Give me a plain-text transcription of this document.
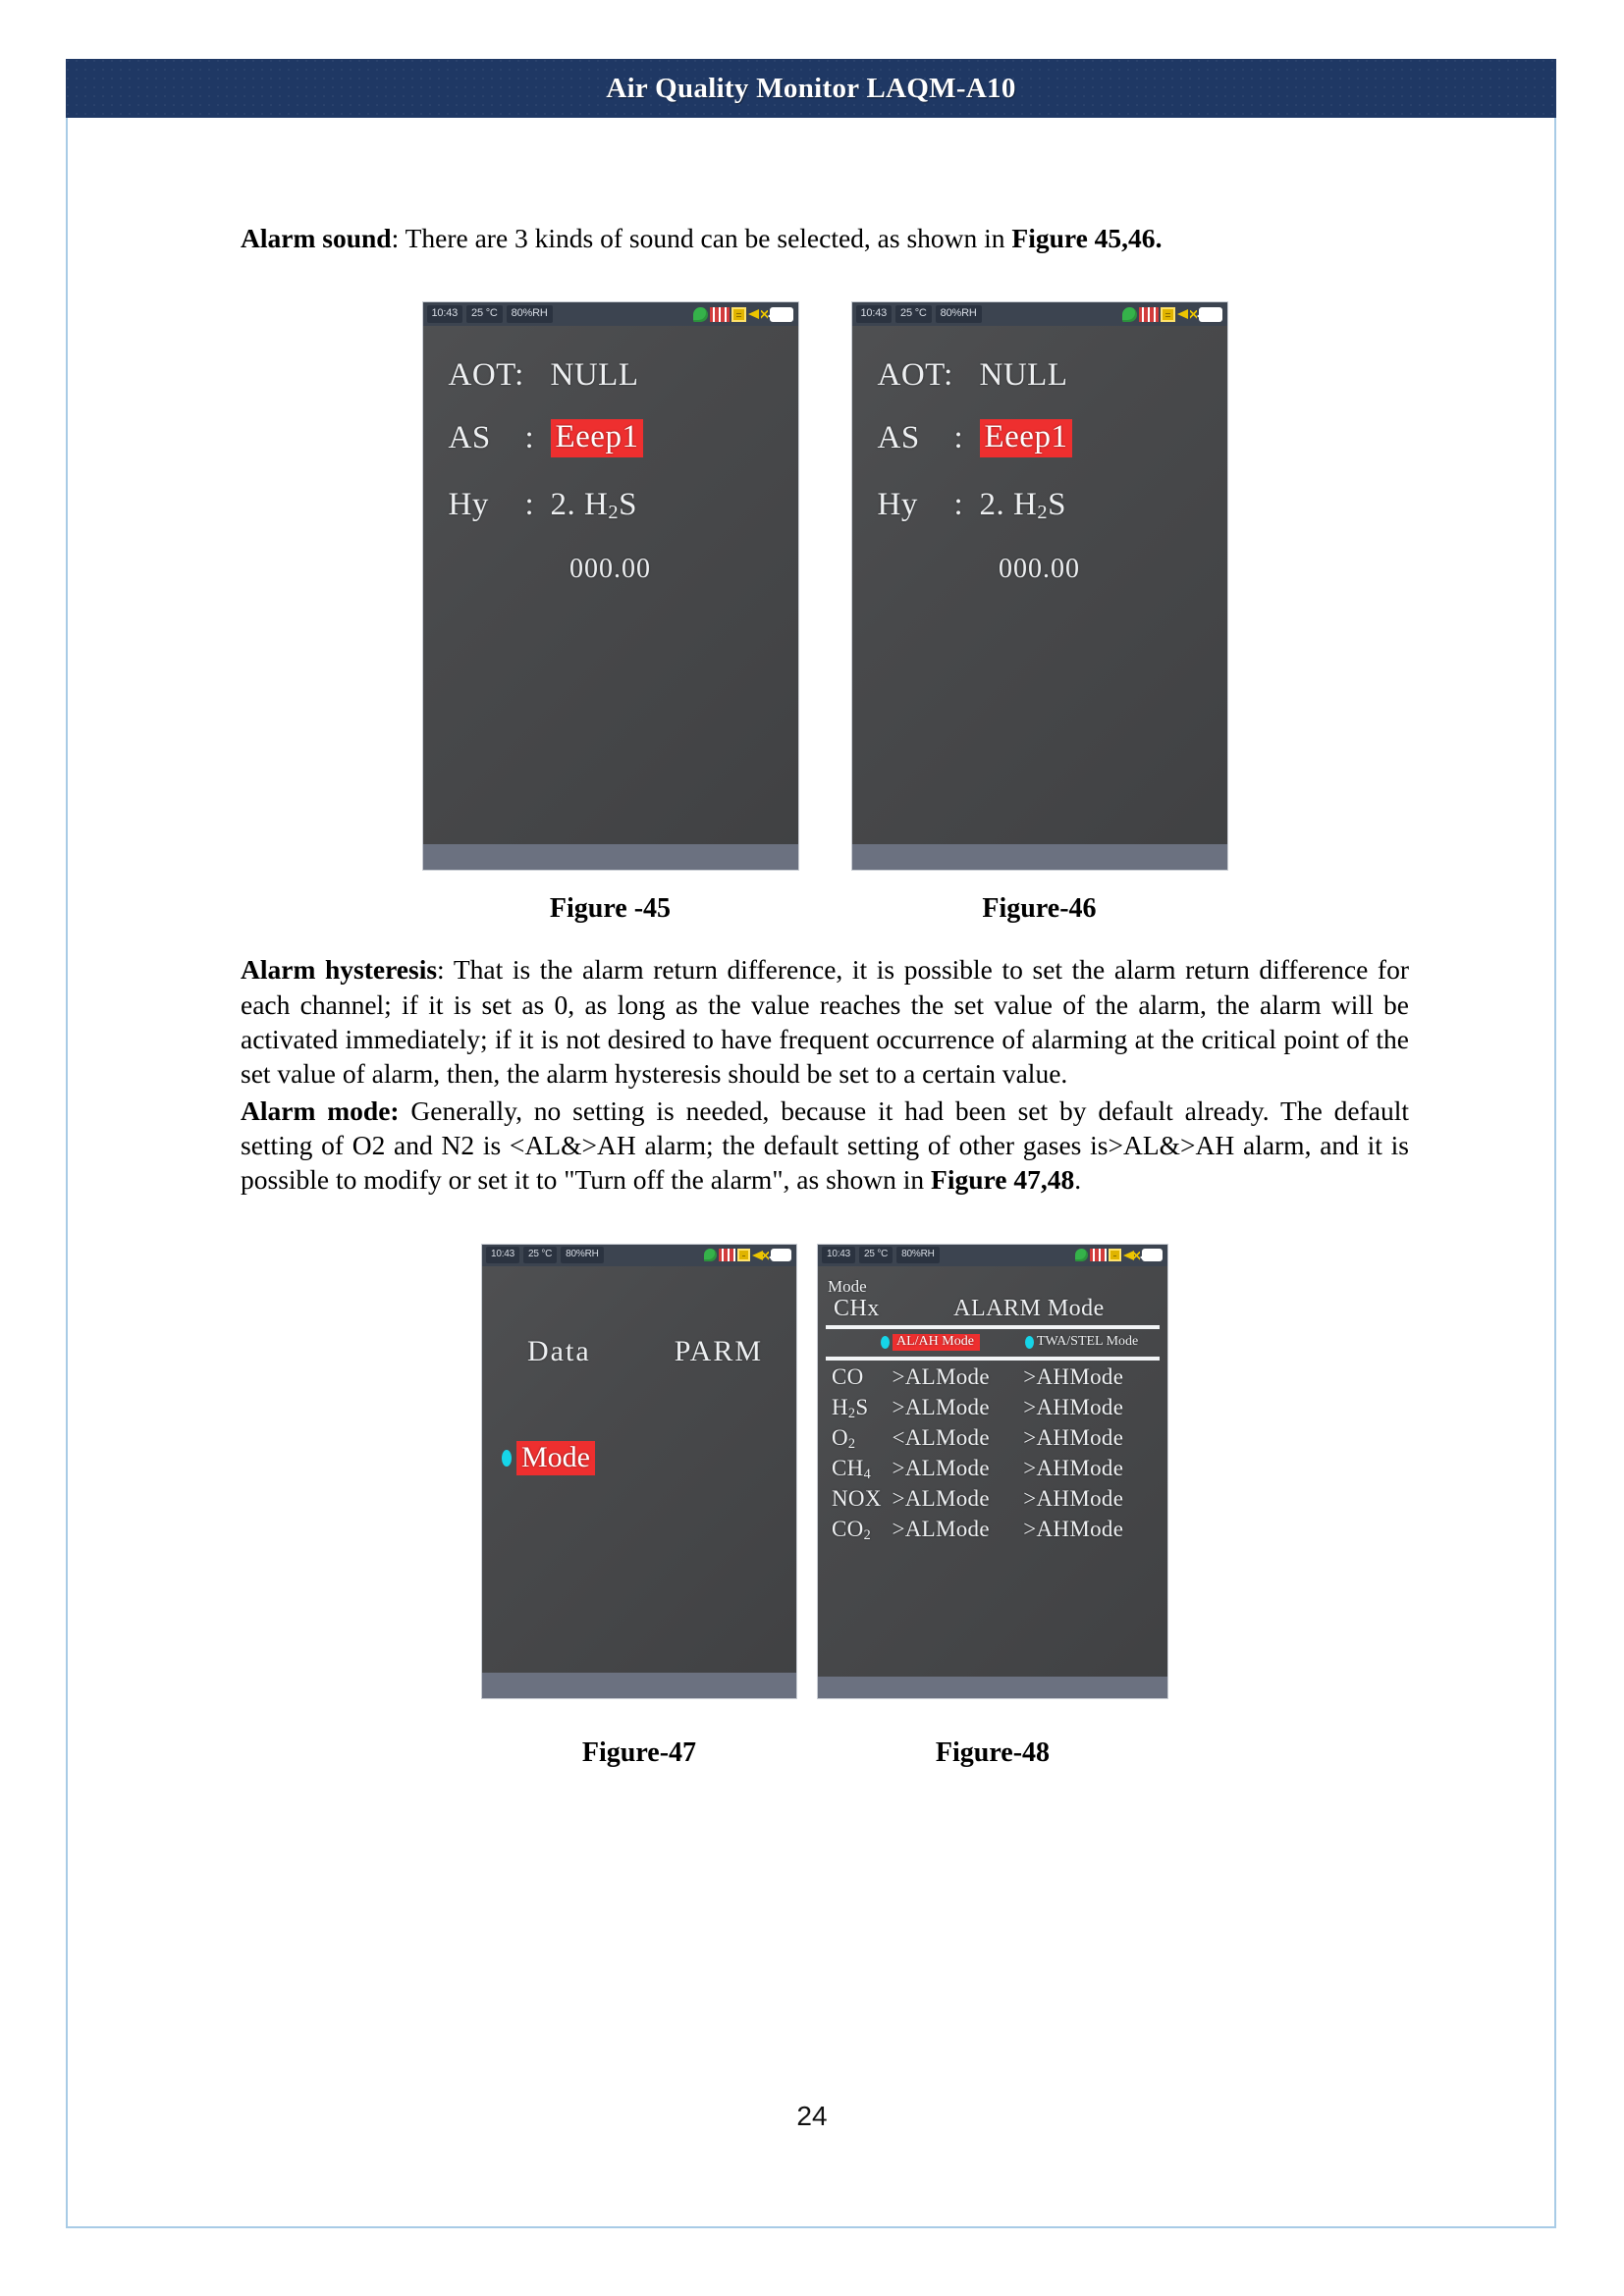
Air Quality Monitor LAQM-A10

Alarm sound: There are 3 kinds of sound can be selected, as shown in Figure 45,46.

10:43	25 °C	80%RH
AOT: NULL
AS	: Eeep1
Hy	: 2. $H_2S$
000.00
10:43	25 °C	80%RH
AOT: NULL
AS	: Eeep1
Hy	: 2. $H_2S$
000.00
Figure -45	Figure-46

Alarm hysteresis: That is the alarm return difference, it is possible to set the alarm return difference for each channel; if it is set as 0, as long as the value reaches the set value of the alarm, the alarm will be activated immediately; if it is not desired to have frequent occurrence of alarming at the critical point of the set value of alarm, then, the alarm hysteresis should be set to a certain value.

Alarm mode: Generally, no setting is needed, because it had been set by default already. The default setting of O2 and N2 is <AL&>AH alarm; the default setting of other gases is>AL&>AH alarm, and it is possible to modify or set it to "Turn off the alarm", as shown in Figure 47,48.

10:43	25 °C	80%RH
Data	PARM
Mode
10:43	25 °C	80%RH
Mode
CHx	ALARM Mode
AL/AH Mode	TWA/STEL Mode
CO	>ALMode	>AHMode
$H_2S$	>ALMode	>AHMode
$O_2$	<ALMode	>AHMode
$CH_4$ >ALMode	>AHMode
NOX >ALMode	>AHMode
$CO_2$ >ALMode	>AHMode
Figure-47	Figure-48
24
